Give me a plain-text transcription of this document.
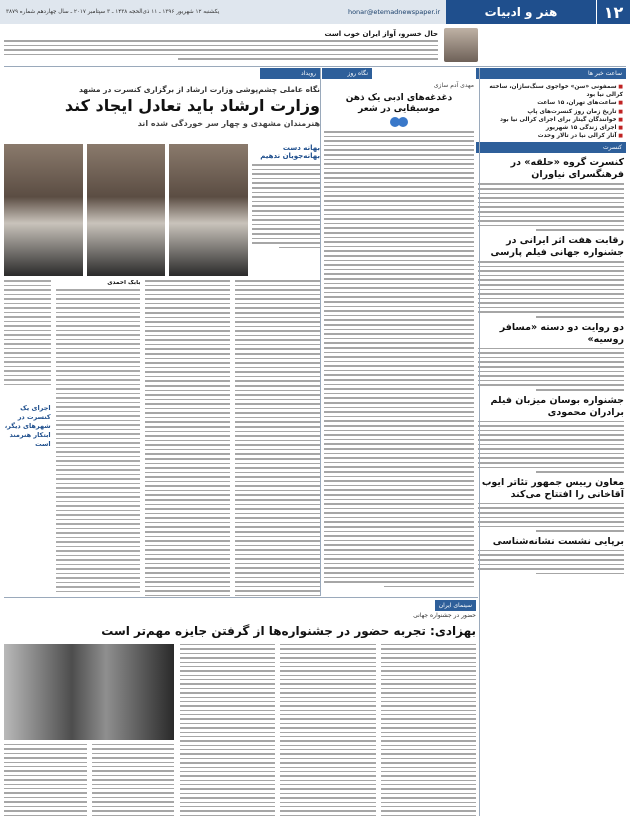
یکشنبه ۱۲ شهریور ۱۳۹۶ ـ ۱۱ ذی‌الحجه ۱۴۳۸ ـ ۳ سپتامبر ۲۰۱۷ ـ سال چهاردهم شماره ۳۸۷۹	honar@etemadnewspaper.ir	هنر و ادبیات	۱۲
حال خسرو، آواز ایران خوب است
ساعت خبر ها

■ سمفونی «سن» خواجوی سنگ‌سازان، ساخته کرالی نیا بود

■ ساعت‌های تهران، ۱۵ ساعت

■ تاریخ زمان روز کنسرت‌های پاپ

■ خوانندگان گیتار برای اجرای کرالی نیا بود

■ اجرای زندگی ۱۵ شهریور

■ آثار کرالی نیا در تالار وحدت

کنسرت
کنسرت گروه «حلقه» در فرهنگسرای نیاوران
رقابت هفت اثر ایرانی در جشنواره جهانی فیلم پارسی
دو روایت دو دسته «مسافر روسیه»
جشنواره بوسان میزبان فیلم برادران محمودی
معاون رییس جمهور تئاتر ایوب آقاخانی را افتتاح می‌کند
برپایی نشست نشانه‌شناسی
نگاه روز
مهدی آدم سازی
دغدغه‌های ادبی یک ذهن موسیقایی در شعر
رویداد
نگاه عاملی چشم‌پوشی وزارت ارشاد از برگزاری کنسرت در مشهد
وزارت ارشاد باید تعادل ایجاد کند
هنرمندان مشهدی و چهار سر خوردگی شده اند
بهانه دست بهانه‌جویان ندهیم
بابک احمدی
اجرای یک کنسرت در شهرهای دیگر، ابتکار هنرمند است
سینمای ایران
حضور در جشنواره جهانی
بهزادی: تجربه حضور در جشنواره‌ها از گرفتن جایزه مهم‌تر است
